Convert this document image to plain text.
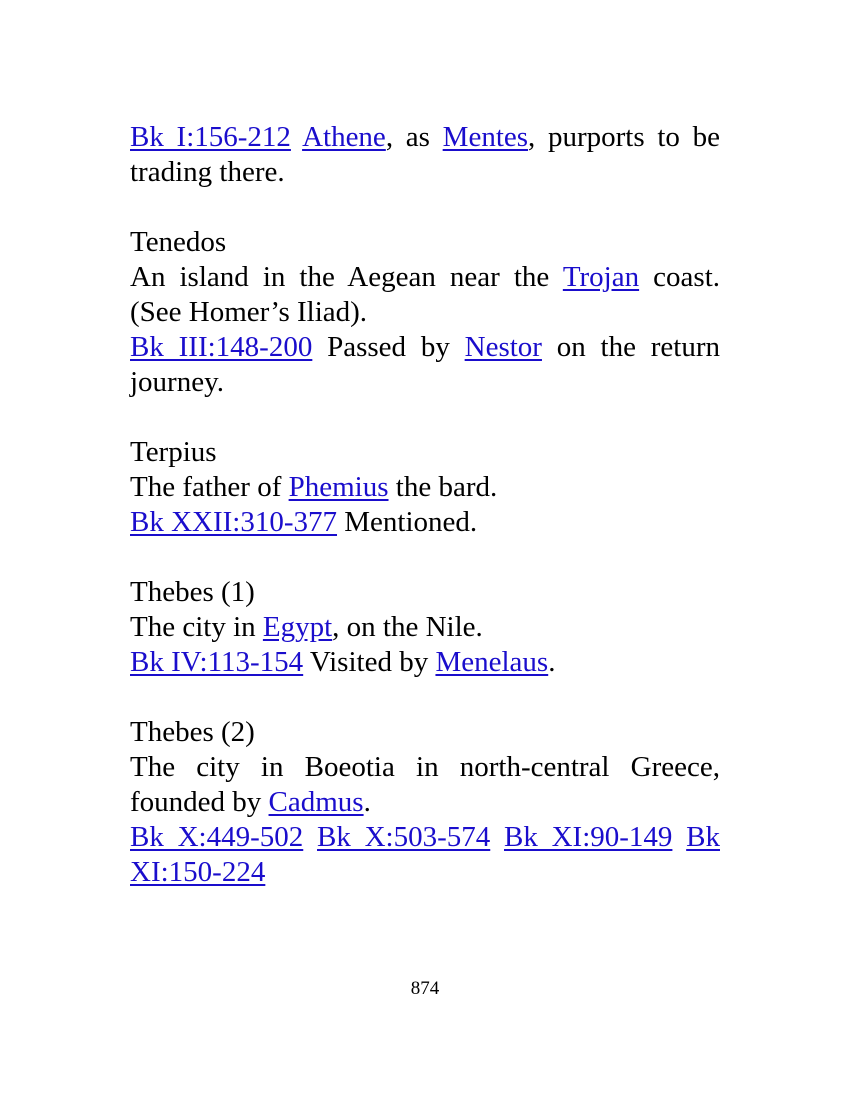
Bk I:156-212 Athene, as Mentes, purports to be
trading there.
Tenedos
An island in the Aegean near the Trojan coast.
(See Homer’s Iliad).
Bk III:148-200 Passed by Nestor on the return
journey.
Terpius
The father of Phemius the bard.
Bk XXII:310-377 Mentioned.
Thebes (1)
The city in Egypt, on the Nile.
Bk IV:113-154 Visited by Menelaus.
Thebes (2)
The city in Boeotia in north-central Greece,
founded by Cadmus.
Bk X:449-502 Bk X:503-574 Bk XI:90-149 Bk
XI:150-224
874
